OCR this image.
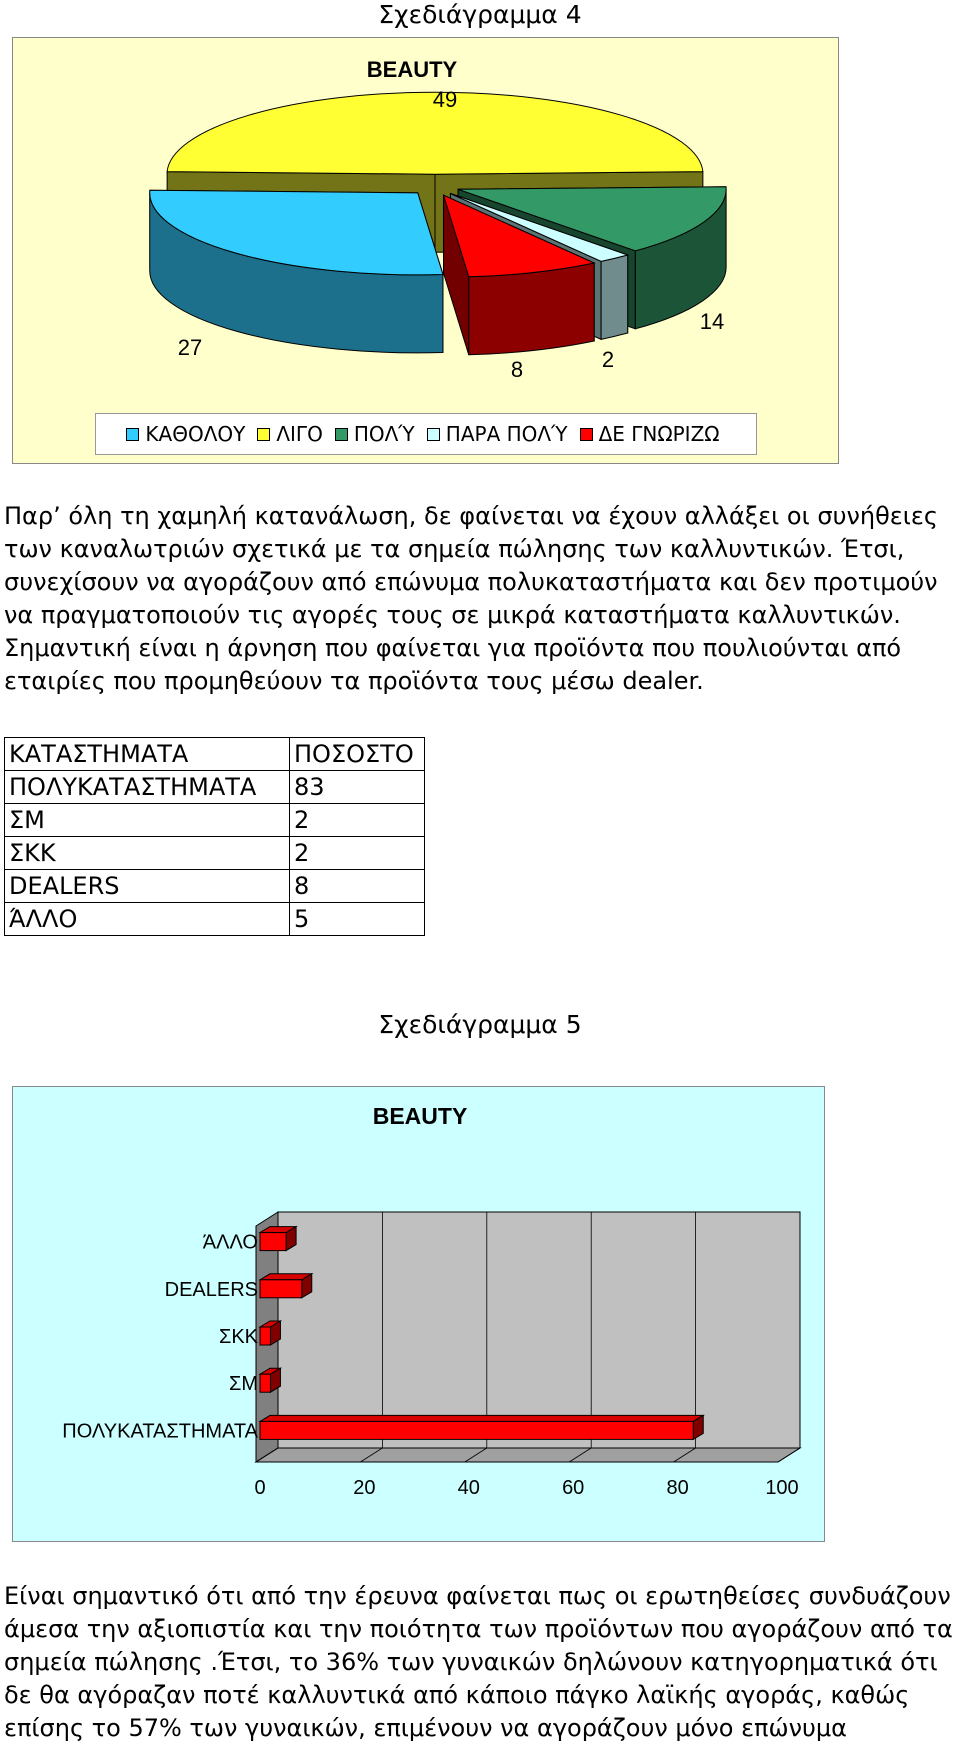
Σχεδιάγραμμα 4
BEAUTY
27
49
14
2
8
ΚΑΘΟΛΟΥ ΛΙΓΟ ΠΟΛΎ ΠΑΡΑ ΠΟΛΎ ΔΕ ΓΝΩΡΙΖΩ
Παρ’ όλη τη χαμηλή κατανάλωση, δε φαίνεται να έχουν αλλάξει οι συνήθειες
των καναλωτριών σχετικά με τα σημεία πώλησης των καλλυντικών. Έτσι,
συνεχίσουν να αγοράζουν από επώνυμα πολυκαταστήματα και δεν προτιμούν
να πραγματοποιούν τις αγορές τους σε μικρά καταστήματα καλλυντικών.
Σημαντική είναι η άρνηση που φαίνεται για προϊόντα που πουλιούνται από
εταιρίες που προμηθεύουν τα προϊόντα τους μέσω dealer.
ΚΑΤΑΣΤΗΜΑΤΑ	ΠΟΣΟΣΤΟ
ΠΟΛΥΚΑΤΑΣΤΗΜΑΤΑ	83
ΣΜ	2
ΣΚΚ	2
DEALERS	8
ΆΛΛΟ	5
Σχεδιάγραμμα 5
BEAUTY
0	20	40	60	80	100
ΠΟΛΥΚΑΤΑΣΤΗΜΑΤΑ
ΣΜ
ΣΚΚ
DEALERS
ΆΛΛΟ
Είναι σημαντικό ότι από την έρευνα φαίνεται πως οι ερωτηθείσες συνδυάζουν
άμεσα την αξιοπιστία και την ποιότητα των προϊόντων που αγοράζουν από τα
σημεία πώλησης .Έτσι, το 36% των γυναικών δηλώνουν κατηγορηματικά ότι
δε θα αγόραζαν ποτέ καλλυντικά από κάποιο πάγκο λαϊκής αγοράς, καθώς
επίσης το 57% των γυναικών, επιμένουν να αγοράζουν μόνο επώνυμα
